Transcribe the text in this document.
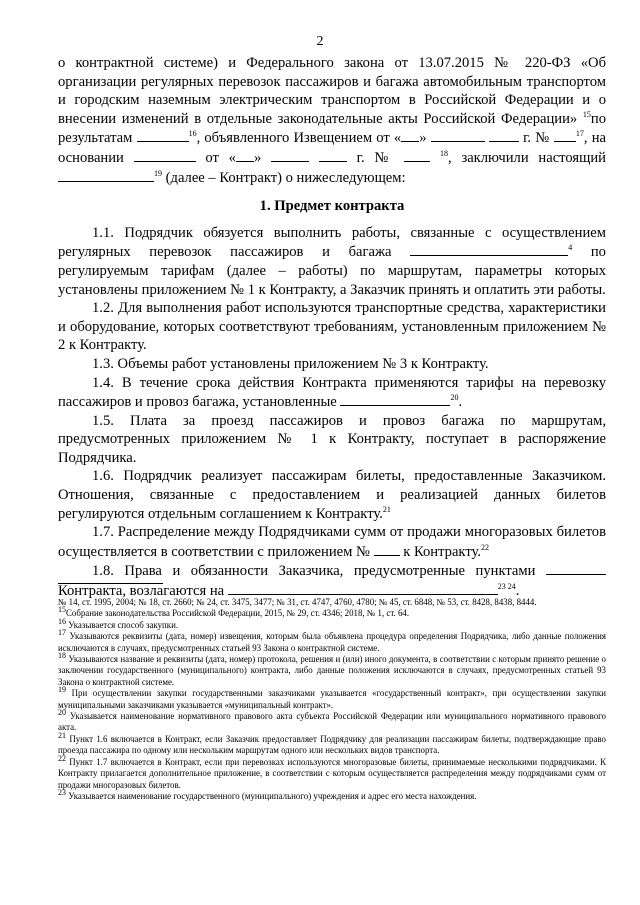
2

о контрактной системе) и Федерального закона от 13.07.2015 № 220-ФЗ «Об организации регулярных перевозок пассажиров и багажа автомобильным транспортом и городским наземным электрическим транспортом в Российской Федерации и о внесении изменений в отдельные законодательные акты Российской Федерации» $^{15}$по результатам	$^{16}$, объявленного Извещением от « »	г. №	$^{17}$, на основании	от « »	г. №	$^{18}$, заключили настоящий $^{19}$ (далее – Контракт) о нижеследующем:

1. Предмет контракта

1.1. Подрядчик обязуется выполнить работы, связанные с осуществлением регулярных перевозок пассажиров и багажа	$^4$ по регулируемым тарифам (далее – работы) по маршрутам, параметры которых установлены приложением № 1 к Контракту, а Заказчик принять и оплатить эти работы.

1.2. Для выполнения работ используются транспортные средства, характеристики и оборудование, которых соответствуют требованиям, установленным приложением № 2 к Контракту.

1.3. Объемы работ установлены приложением № 3 к Контракту.

1.4. В течение срока действия Контракта применяются тарифы на перевозку пассажиров и провоз багажа, установленные	$^{20}$.

1.5. Плата за проезд пассажиров и провоз багажа по маршрутам, предусмотренных приложением № 1 к Контракту, поступает в распоряжение Подрядчика.

1.6. Подрядчик реализует пассажирам билеты, предоставленные Заказчиком. Отношения, связанные с предоставлением и реализацией данных билетов регулируются отдельным соглашением к Контракту.$^{21}$

1.7. Распределение между Подрядчиками сумм от продажи многоразовых билетов осуществляется в соответствии с приложением № к Контракту.$^{22}$

1.8. Права и обязанности Заказчика, предусмотренные пунктами  Контракта, возлагаются на	$^{23 24}$.

№ 14, ст. 1995, 2004; № 18, ст. 2660; № 24, ст. 3475, 3477; № 31, ст. 4747, 4760, 4780; № 45, ст. 6848, № 53, ст. 8428, 8438, 8444.

$^{15}$Собрание законодательства Российской Федерации, 2015, № 29, ст. 4346; 2018, № 1, ст. 64.

$^{16}$ Указывается способ закупки.

$^{17}$ Указываются реквизиты (дата, номер) извещения, которым была объявлена процедура определения Подрядчика, либо данные положения исключаются в случаях, предусмотренных статьей 93 Закона о контрактной системе.

$^{18}$ Указываются название и реквизиты (дата, номер) протокола, решения и (или) иного документа, в соответствии с которым принято решение о заключении государственного (муниципального) контракта, либо данные положения исключаются в случаях, предусмотренных статьей 93 Закона о контрактной системе.

$^{19}$ При осуществлении закупки государственными заказчиками указывается «государственный контракт», при осуществлении закупки муниципальными заказчиками указывается «муниципальный контракт».

$^{20}$ Указывается наименование нормативного правового акта субъекта Российской Федерации или муниципального нормативного правового акта.

$^{21}$ Пункт 1.6 включается в Контракт, если Заказчик предоставляет Подрядчику для реализации пассажирам билеты, подтверждающие право проезда пассажира по одному или нескольким маршрутам одного или нескольких видов транспорта.

$^{22}$ Пункт 1.7 включается в Контракт, если при перевозках используются многоразовые билеты, принимаемые несколькими подрядчиками. К Контракту прилагается дополнительное приложение, в соответствии с которым осуществляется распределения между подрядчиками сумм от продажи многоразовых билетов.

$^{23}$ Указывается наименование государственного (муниципального) учреждения и адрес его места нахождения.
